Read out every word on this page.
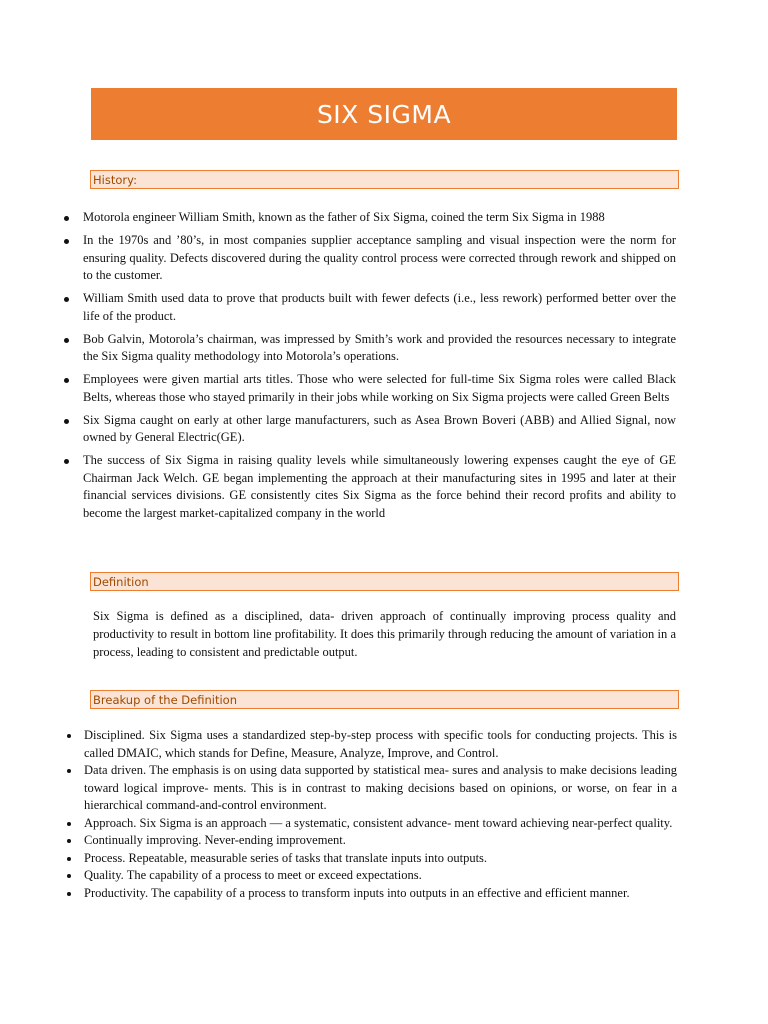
SIX SIGMA
History:
Motorola engineer William Smith, known as the father of Six Sigma, coined the term Six Sigma in 1988
In the 1970s and ’80’s, in most companies supplier acceptance sampling and visual inspection were the norm for ensuring quality. Defects discovered during the quality control process were corrected through rework and shipped on to the customer.
William Smith used data to prove that products built with fewer defects (i.e., less rework) performed better over the life of the product.
Bob Galvin, Motorola’s chairman, was impressed by Smith’s work and provided the resources necessary to integrate the Six Sigma quality methodology into Motorola’s operations.
Employees were given martial arts titles. Those who were selected for full-time Six Sigma roles were called Black Belts, whereas those who stayed primarily in their jobs while working on Six Sigma projects were called Green Belts
Six Sigma caught on early at other large manufacturers, such as Asea Brown Boveri (ABB) and Allied Signal, now owned by General Electric(GE).
The success of Six Sigma in raising quality levels while simultaneously lowering expenses caught the eye of GE Chairman Jack Welch. GE began implementing the approach at their manufacturing sites in 1995 and later at their financial services divisions. GE consistently cites Six Sigma as the force behind their record profits and ability to become the largest market-capitalized company in the world
Definition

Six Sigma is defined as a disciplined, data- driven approach of continually improving process quality and productivity to result in bottom line profitability. It does this primarily through reducing the amount of variation in a process, leading to consistent and predictable output.

Breakup of the Definition
Disciplined. Six Sigma uses a standardized step-by-step process with specific tools for conducting projects. This is called DMAIC, which stands for Define, Measure, Analyze, Improve, and Control.
Data driven. The emphasis is on using data supported by statistical mea- sures and analysis to make decisions leading toward logical improve- ments. This is in contrast to making decisions based on opinions, or worse, on fear in a hierarchical command-and-control environment.
Approach. Six Sigma is an approach — a systematic, consistent advance- ment toward achieving near-perfect quality.
Continually improving. Never-ending improvement.
Process. Repeatable, measurable series of tasks that translate inputs into outputs.
Quality. The capability of a process to meet or exceed expectations.
Productivity. The capability of a process to transform inputs into outputs in an effective and efficient manner.
